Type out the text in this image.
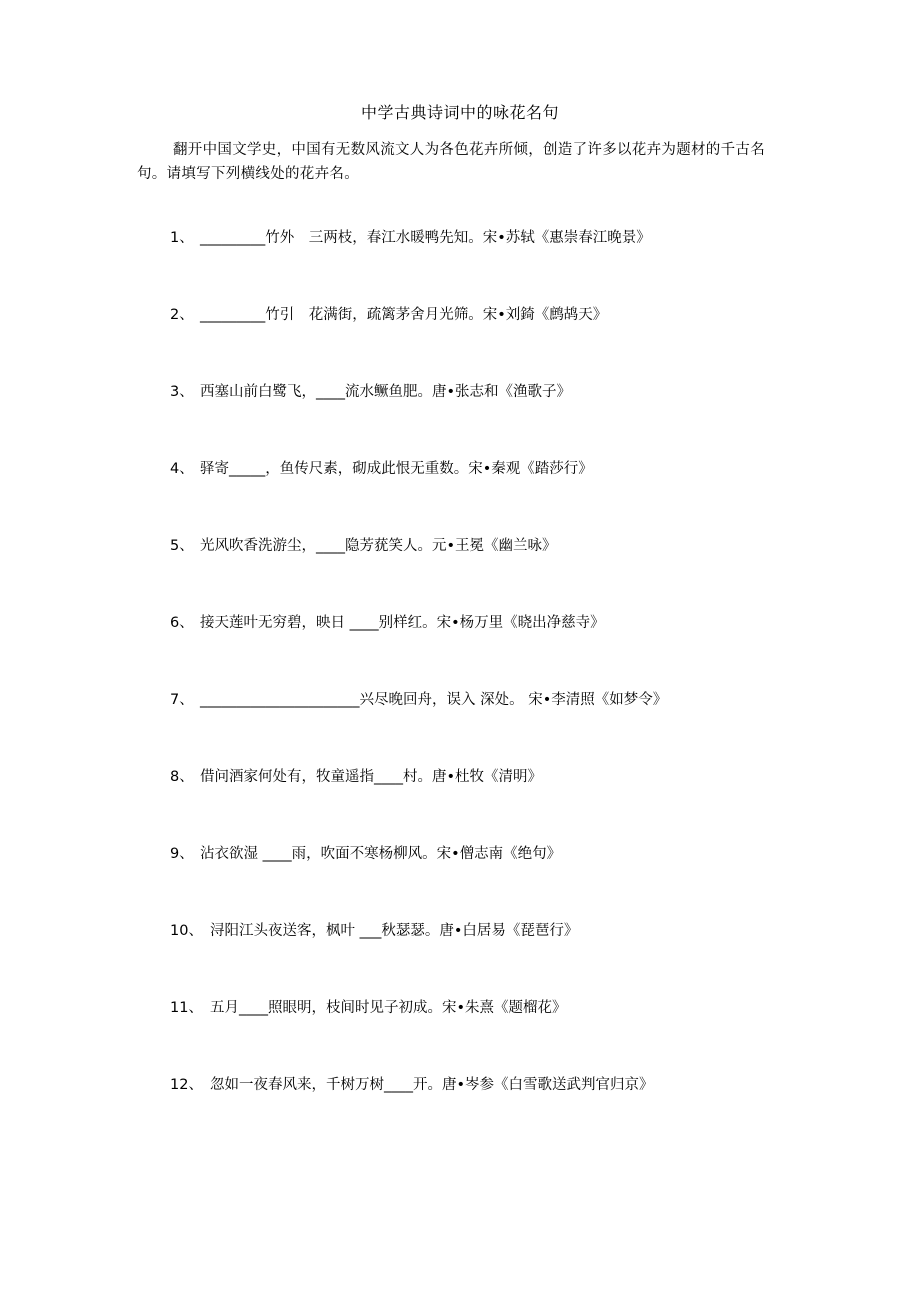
中学古典诗词中的咏花名句
翻开中国文学史，中国有无数风流文人为各色花卉所倾，创造了许多以花卉为题材的千古名句。请填写下列横线处的花卉名。
1、 _________竹外　三两枝，春江水暖鸭先知。宋•苏轼《惠崇春江晚景》
2、 _________竹引　花满街，疏篱茅舍月光筛。宋•刘錡《鹧鸪天》
3、 西塞山前白鹭飞，____流水鳜鱼肥。唐•张志和《渔歌子》
4、 驿寄_____，鱼传尺素，砌成此恨无重数。宋•秦观《踏莎行》
5、 光风吹香洗游尘，____隐芳莸笑人。元•王冕《幽兰咏》
6、 接天莲叶无穷碧，映日 ____别样红。宋•杨万里《晓出净慈寺》
7、 ______________________兴尽晚回舟，误入 深处。 宋•李清照《如梦令》
8、 借问酒家何处有，牧童遥指____村。唐•杜牧《清明》
9、 沾衣欲湿 ____雨，吹面不寒杨柳风。宋•僧志南《绝句》
10、 浔阳江头夜送客，枫叶 ___秋瑟瑟。唐•白居易《琵琶行》
11、 五月____照眼明，枝间时见子初成。宋•朱熹《题榴花》
12、 忽如一夜春风来，千树万树____开。唐•岑参《白雪歌送武判官归京》
